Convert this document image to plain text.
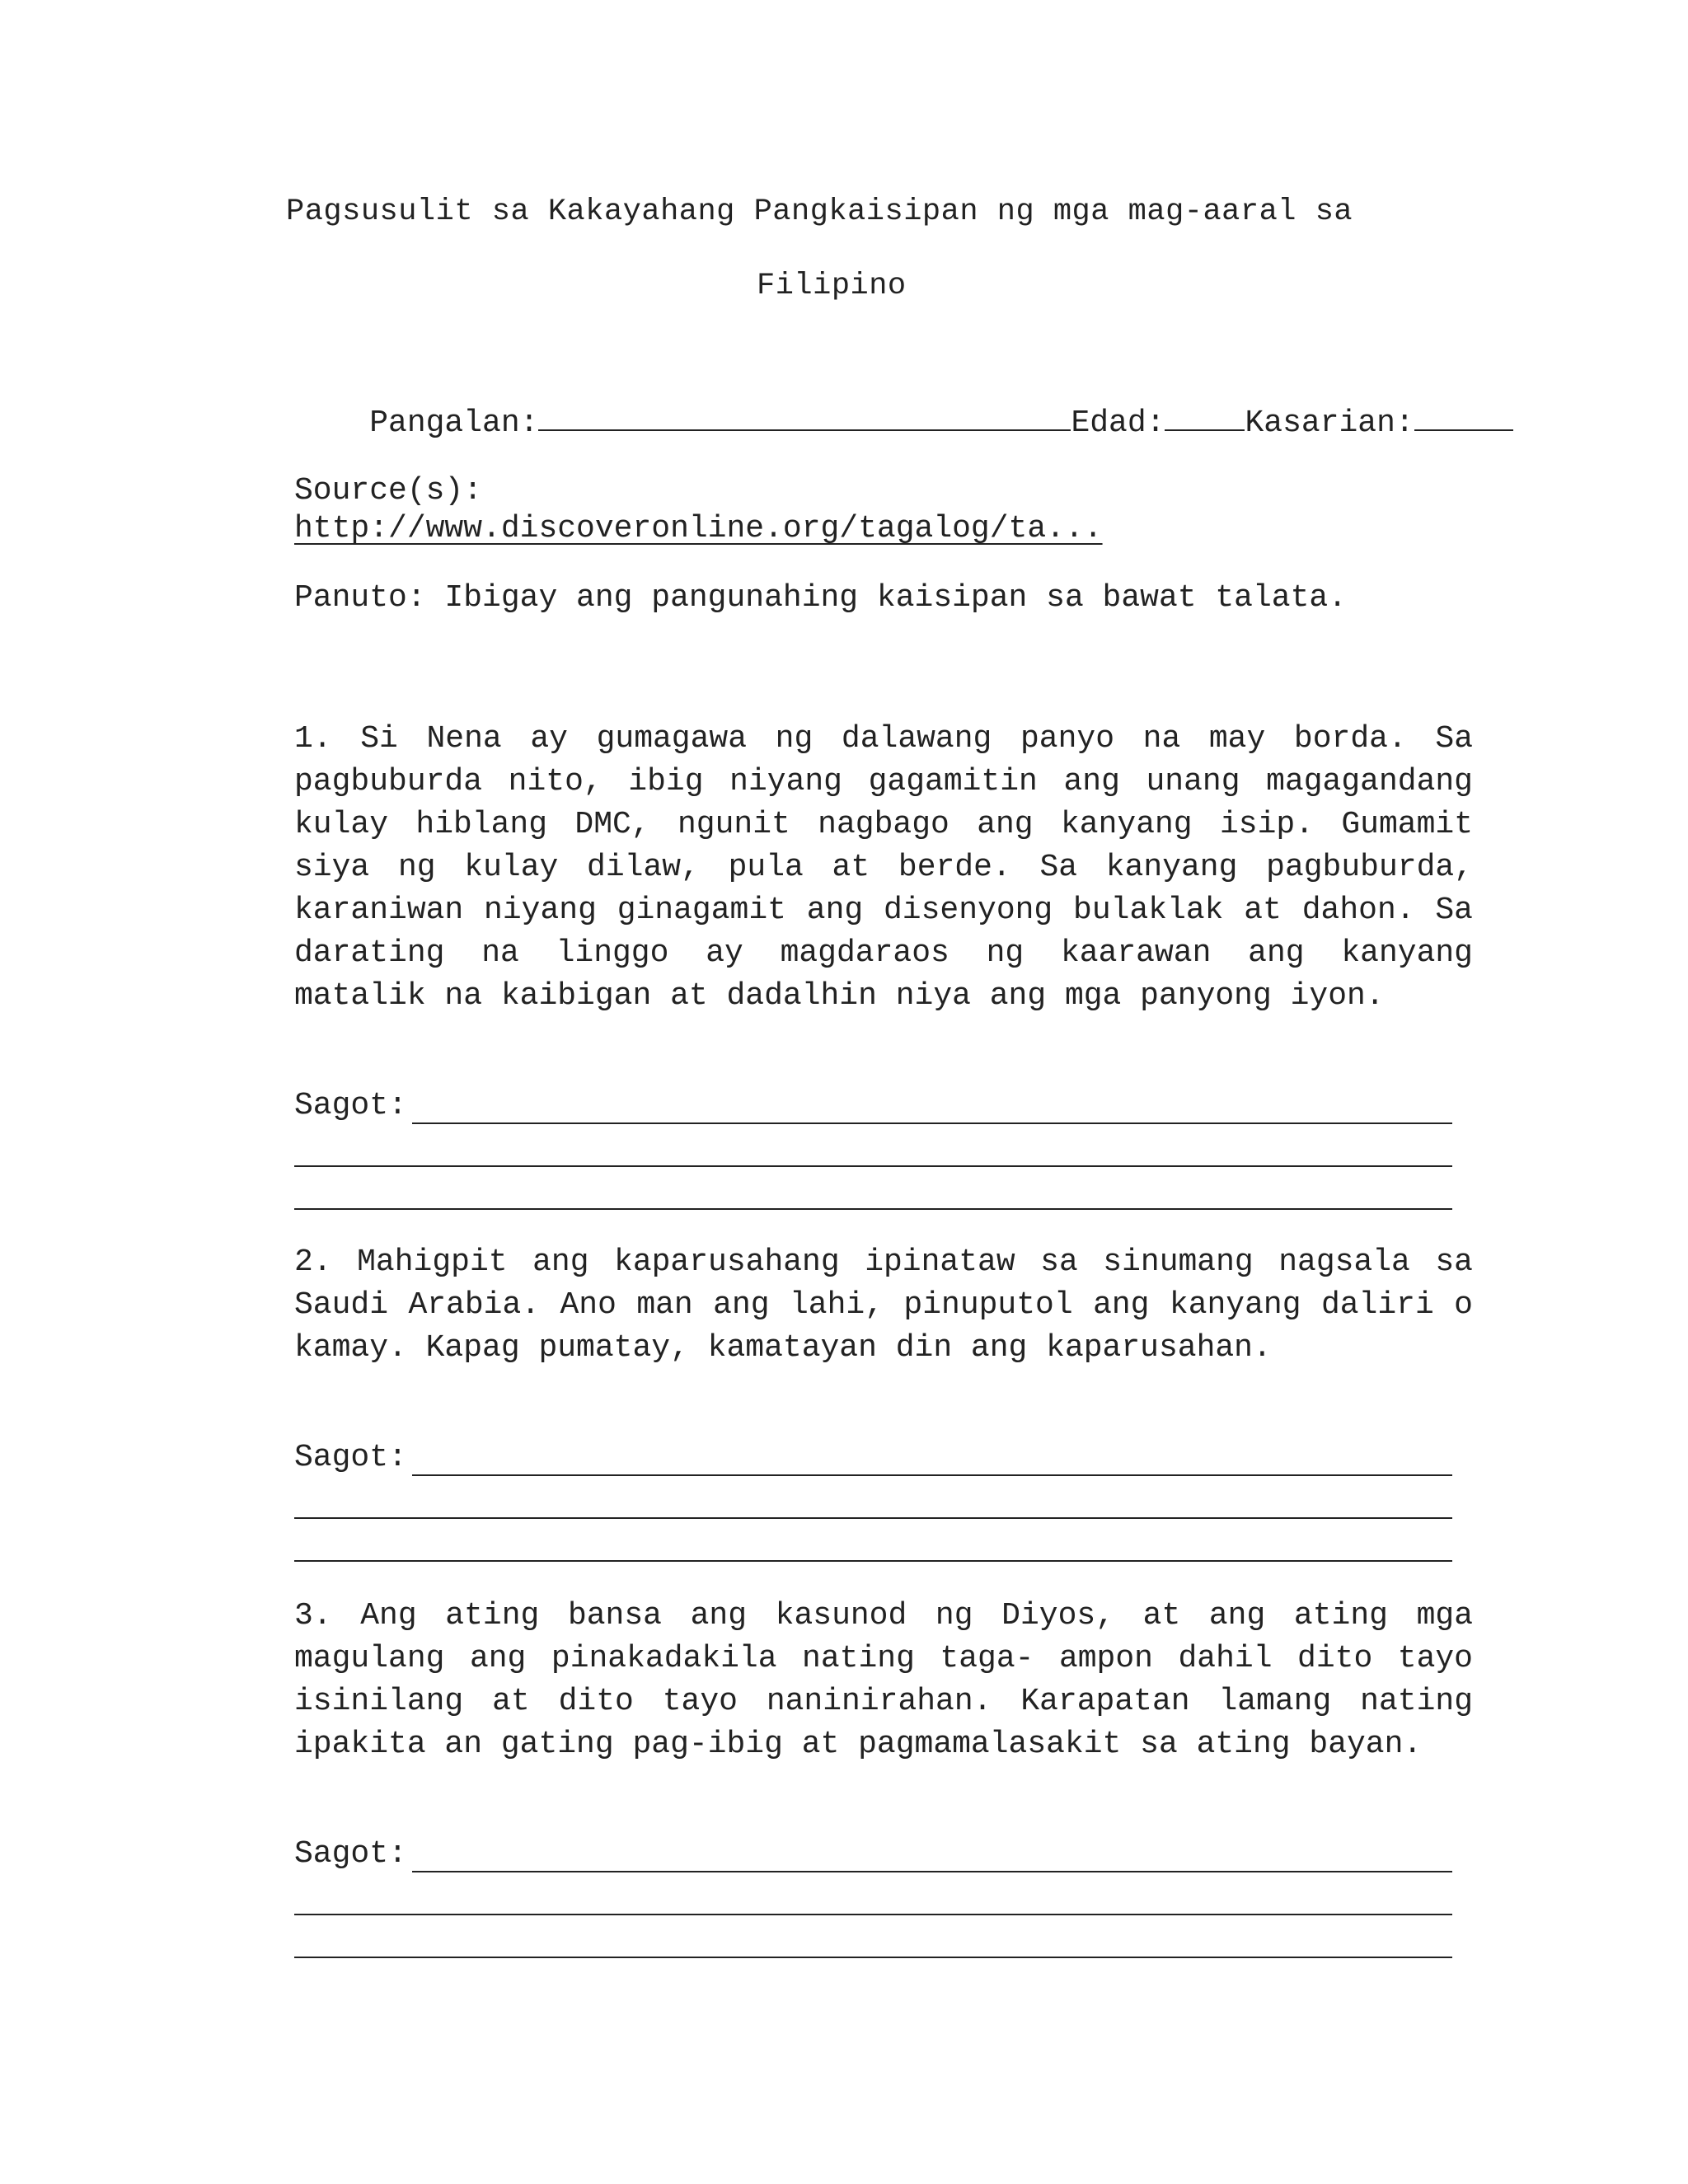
Pagsusulit sa Kakayahang Pangkaisipan ng mga mag-aaral sa
Filipino

Pangalan:	Edad:	Kasarian:

Source(s):
http://www.discoveronline.org/tagalog/ta...
Panuto: Ibigay ang pangunahing kaisipan sa bawat talata.
1. Si Nena ay gumagawa ng dalawang panyo na may borda. Sa pagbuburda nito, ibig niyang gagamitin ang unang magagandang kulay hiblang DMC, ngunit nagbago ang kanyang isip. Gumamit siya ng kulay dilaw, pula at berde. Sa kanyang pagbuburda, karaniwan niyang ginagamit ang disenyong bulaklak at dahon. Sa darating na linggo ay magdaraos ng kaarawan ang kanyang matalik na kaibigan at dadalhin niya ang mga panyong iyon.
Sagot:
2. Mahigpit ang kaparusahang ipinataw sa sinumang nagsala sa Saudi Arabia. Ano man ang lahi, pinuputol ang kanyang daliri o kamay. Kapag pumatay, kamatayan din ang kaparusahan.
Sagot:
3. Ang ating bansa ang kasunod ng Diyos, at ang ating mga magulang ang pinakadakila nating taga- ampon dahil dito tayo isinilang at dito tayo naninirahan. Karapatan lamang nating ipakita an gating pag-ibig at pagmamalasakit sa ating bayan.
Sagot:
